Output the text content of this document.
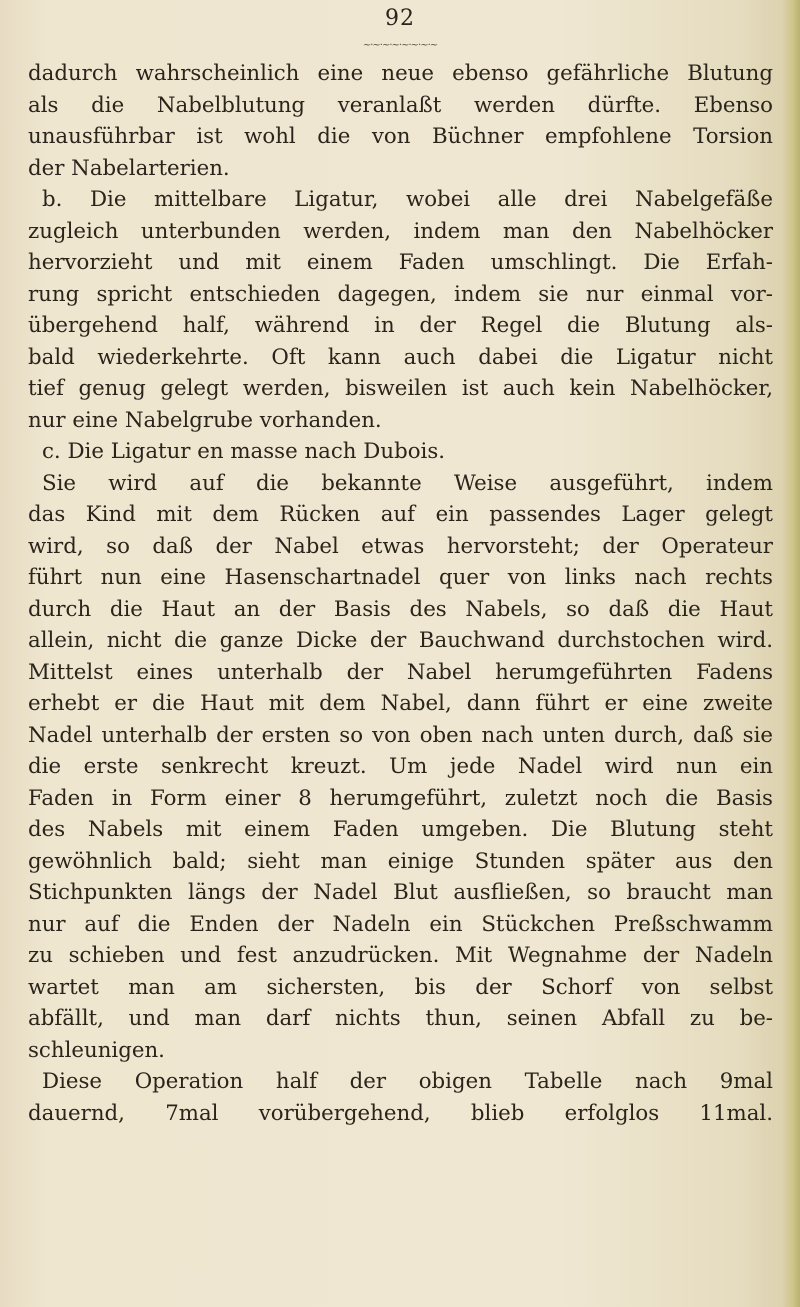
92
~·~·~·~·~·~·~·~
dadurch wahrscheinlich eine neue ebenso gefährliche Blutung
als die Nabelblutung veranlaßt werden dürfte. Ebenso
unausführbar ist wohl die von Büchner empfohlene Torsion
der Nabelarterien.
b. Die mittelbare Ligatur, wobei alle drei Nabelgefäße
zugleich unterbunden werden, indem man den Nabelhöcker
hervorzieht und mit einem Faden umschlingt. Die Erfah-
rung spricht entschieden dagegen, indem sie nur einmal vor-
übergehend half, während in der Regel die Blutung als-
bald wiederkehrte. Oft kann auch dabei die Ligatur nicht
tief genug gelegt werden, bisweilen ist auch kein Nabelhöcker,
nur eine Nabelgrube vorhanden.
c. Die Ligatur en masse nach Dubois.
Sie wird auf die bekannte Weise ausgeführt, indem
das Kind mit dem Rücken auf ein passendes Lager gelegt
wird, so daß der Nabel etwas hervorsteht; der Operateur
führt nun eine Hasenschartnadel quer von links nach rechts
durch die Haut an der Basis des Nabels, so daß die Haut
allein, nicht die ganze Dicke der Bauchwand durchstochen wird.
Mittelst eines unterhalb der Nabel herumgeführten Fadens
erhebt er die Haut mit dem Nabel, dann führt er eine zweite
Nadel unterhalb der ersten so von oben nach unten durch, daß sie
die erste senkrecht kreuzt. Um jede Nadel wird nun ein
Faden in Form einer 8 herumgeführt, zuletzt noch die Basis
des Nabels mit einem Faden umgeben. Die Blutung steht
gewöhnlich bald; sieht man einige Stunden später aus den
Stichpunkten längs der Nadel Blut ausfließen, so braucht man
nur auf die Enden der Nadeln ein Stückchen Preßschwamm
zu schieben und fest anzudrücken. Mit Wegnahme der Nadeln
wartet man am sichersten, bis der Schorf von selbst
abfällt, und man darf nichts thun, seinen Abfall zu be-
schleunigen.
Diese Operation half der obigen Tabelle nach 9mal
dauernd, 7mal vorübergehend, blieb erfolglos 11mal.
